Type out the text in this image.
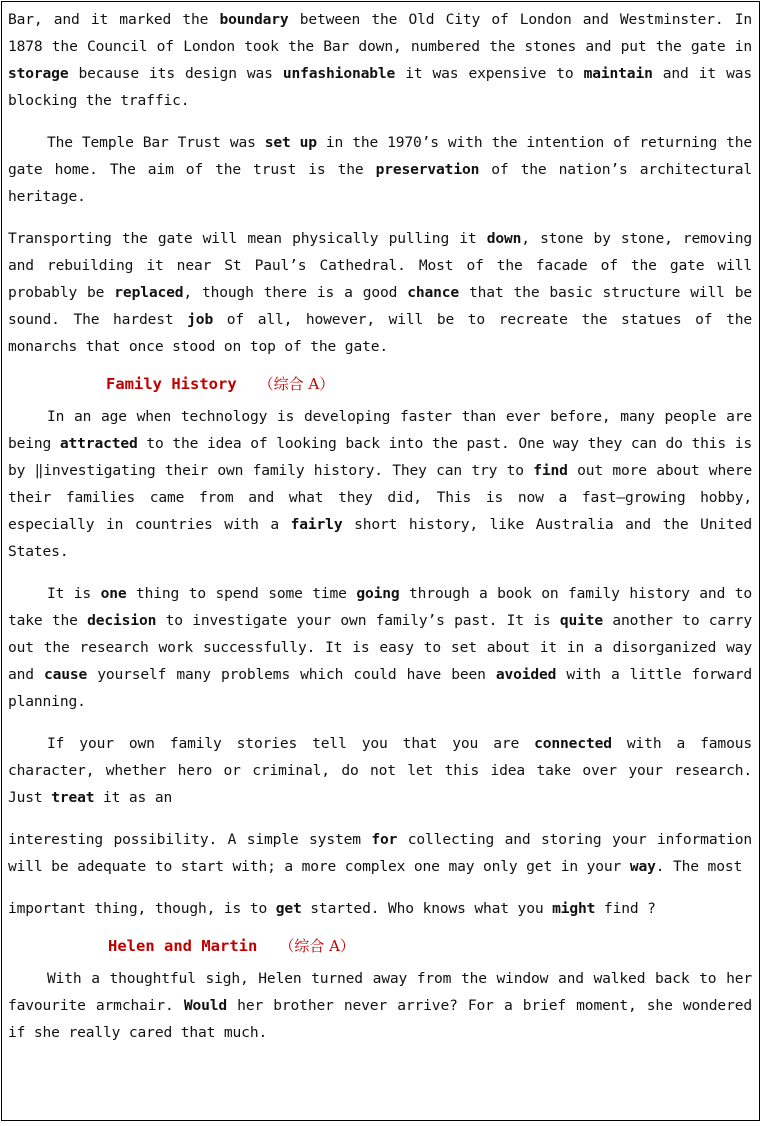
Bar, and it marked the boundary between the Old City of London and Westminster. In 1878 the Council of London took the Bar down, numbered the stones and put the gate in storage because its design was unfashionable it was expensive to maintain and it was blocking the traffic.

The Temple Bar Trust was set up in the 1970’s with the intention of returning the gate home. The aim of the trust is the preservation of the nation’s architectural heritage.

Transporting the gate will mean physically pulling it down, stone by stone, removing and rebuilding it near St Paul’s Cathedral. Most of the facade of the gate will probably be replaced, though there is a good chance that the basic structure will be sound. The hardest job of all, however, will be to recreate the statues of the monarchs that once stood on top of the gate.

Family History （综合 A）

In an age when technology is developing faster than ever before, many people are being attracted to the idea of looking back into the past. One way they can do this is by ‖investigating their own family history. They can try to find out more about where their families came from and what they did, This is now a fast—growing hobby, especially in countries with a fairly short history, like Australia and the United States.

It is one thing to spend some time going through a book on family history and to take the decision to investigate your own family’s past. It is quite another to carry out the research work successfully. It is easy to set about it in a disorganized way and cause yourself many problems which could have been avoided with a little forward planning.

If your own family stories tell you that you are connected with a famous character, whether hero or criminal, do not let this idea take over your research. Just treat it as an

interesting possibility. A simple system for collecting and storing your information will be adequate to start with; a more complex one may only get in your way. The most

important thing, though, is to get started. Who knows what you might find ?

Helen and Martin （综合 A）

With a thoughtful sigh, Helen turned away from the window and walked back to her favourite armchair. Would her brother never arrive? For a brief moment, she wondered if she really cared that much.
